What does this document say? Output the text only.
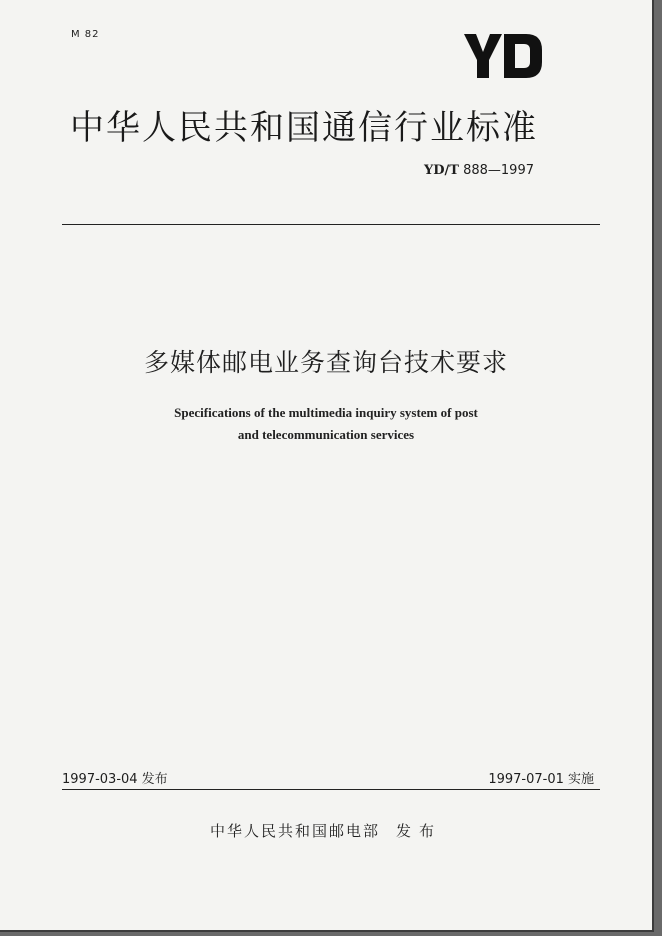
M 82
中华人民共和国通信行业标准
YD/T 888—1997
多媒体邮电业务查询台技术要求
Specifications of the multimedia inquiry system of post
and telecommunication services
1997-03-04 发布	1997-07-01 实施
中华人民共和国邮电部 发布
